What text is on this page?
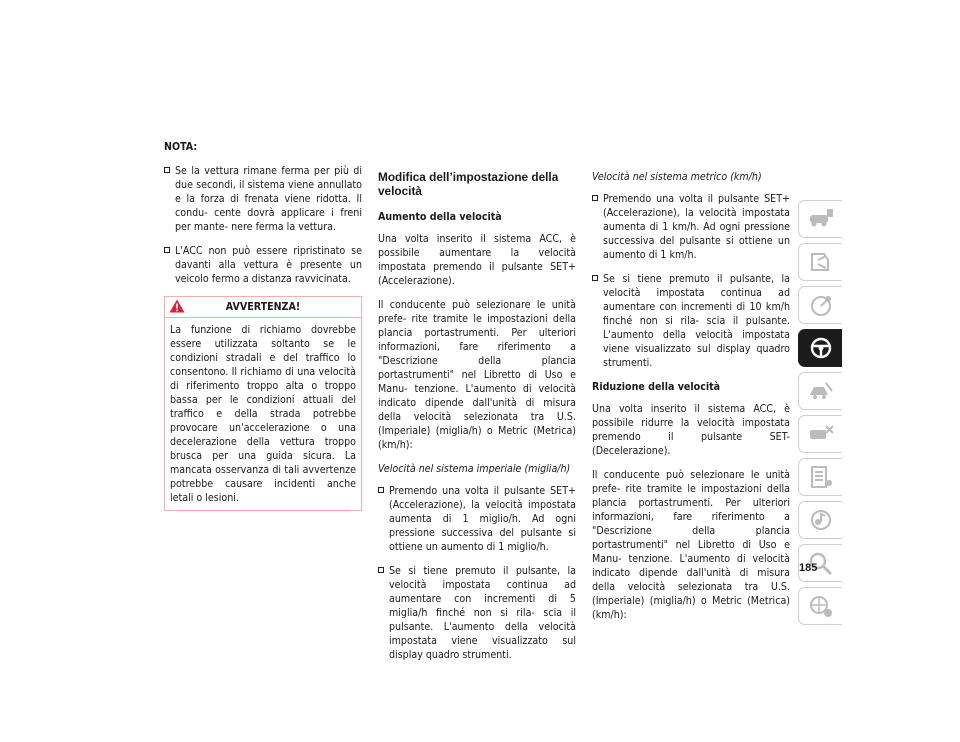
NOTA:
Se la vettura rimane ferma per più di due secondi, il sistema viene annullato e la forza di frenata viene ridotta. Il condu- cente dovrà applicare i freni per mante- nere ferma la vettura.
L'ACC non può essere ripristinato se davanti alla vettura è presente un veicolo fermo a distanza ravvicinata.
AVVERTENZA!
La funzione di richiamo dovrebbe essere utilizzata soltanto se le condizioni stradali e del traffico lo consentono. Il richiamo di una velocità di riferimento troppo alta o troppo bassa per le condizioni attuali del traffico e della strada potrebbe provocare un'accelerazione o una decelerazione della vettura troppo brusca per una guida sicura. La mancata osservanza di tali avvertenze potrebbe causare incidenti anche letali o lesioni.
Modifica dell’impostazione della velocità
Aumento della velocità

Una volta inserito il sistema ACC, è possibile aumentare la velocità impostata premendo il pulsante SET+ (Accelerazione).

Il conducente può selezionare le unità prefe- rite tramite le impostazioni della plancia portastrumenti. Per ulteriori informazioni, fare riferimento a "Descrizione della plancia portastrumenti" nel Libretto di Uso e Manu- tenzione. L'aumento di velocità indicato dipende dall'unità di misura della velocità selezionata tra U.S. (Imperiale) (miglia/h) o Metric (Metrica) (km/h):

Velocità nel sistema imperiale (miglia/h)
Premendo una volta il pulsante SET+ (Accelerazione), la velocità impostata aumenta di 1 miglio/h. Ad ogni pressione successiva del pulsante si ottiene un aumento di 1 miglio/h.
Se si tiene premuto il pulsante, la velocità impostata continua ad aumentare con incrementi di 5 miglia/h finché non si rila- scia il pulsante. L'aumento della velocità impostata viene visualizzato sul display quadro strumenti.
Velocità nel sistema metrico (km/h)
Premendo una volta il pulsante SET+ (Accelerazione), la velocità impostata aumenta di 1 km/h. Ad ogni pressione successiva del pulsante si ottiene un aumento di 1 km/h.
Se si tiene premuto il pulsante, la velocità impostata continua ad aumentare con incrementi di 10 km/h finché non si rila- scia il pulsante. L'aumento della velocità impostata viene visualizzato sul display quadro strumenti.
Riduzione della velocità

Una volta inserito il sistema ACC, è possibile ridurre la velocità impostata premendo il pulsante SET- (Decelerazione).

Il conducente può selezionare le unità prefe- rite tramite le impostazioni della plancia portastrumenti. Per ulteriori informazioni, fare riferimento a "Descrizione della plancia portastrumenti" nel Libretto di Uso e Manu- tenzione. L'aumento di velocità indicato dipende dall'unità di misura della velocità selezionata tra U.S. (Imperiale) (miglia/h) o Metric (Metrica) (km/h):

185
